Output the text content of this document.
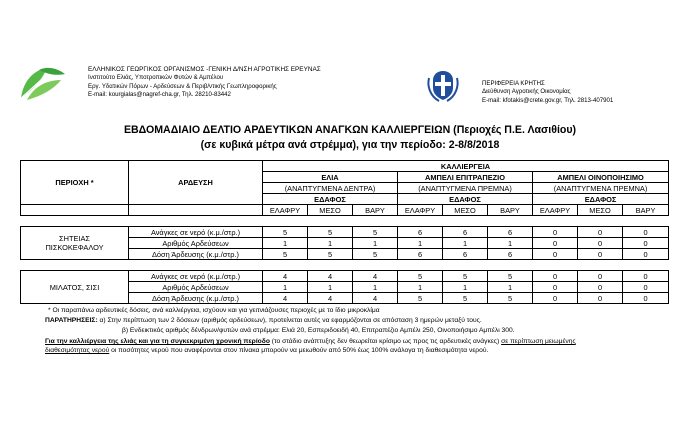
ΕΛΛΗΝΙΚΟΣ ΓΕΩΡΓΙΚΟΣ ΟΡΓΑΝΙΣΜΟΣ -ΓΕΝΙΚΗ Δ/ΝΣΗ ΑΓΡΟΤΙΚΗΣ ΕΡΕΥΝΑΣ
Ινστιτούτο Ελιάς, Υποτροπικών Φυτών & Αμπέλου
Εργ. Υδατικών Πόρων - Αρδεύσεων & Περιβ/ντικής Γεωπληροφορικής
E-mail: kourgialas@nagref-cha.gr, Τηλ. 28210-83442
ΠΕΡΙΦΕΡΕΙΑ ΚΡΗΤΗΣ
Διεύθυνση Αγροτικής Οικονομίας
E-mail: kfotakis@crete.gov.gr, Τηλ. 2813-407901
ΕΒΔΟΜΑΔΙΑΙΟ ΔΕΛΤΙΟ ΑΡΔΕΥΤΙΚΩΝ ΑΝΑΓΚΩΝ ΚΑΛΛΙΕΡΓΕΙΩΝ (Περιοχές Π.Ε. Λασιθίου)
(σε κυβικά μέτρα ανά στρέμμα), για την περίοδο: 2-8/8/2018
ΠΕΡΙΟΧΗ *	ΑΡΔΕΥΣΗ	ΚΑΛΛΙΕΡΓΕΙΑ								
		ΕΛΙΑ			ΑΜΠΕΛΙ ΕΠΙΤΡΑΠΕΖΙΟ			ΑΜΠΕΛΙ ΟΙΝΟΠΟΙΗΣΙΜΟ		
		(ΑΝΑΠΤΥΓΜΕΝΑ ΔΕΝΤΡΑ)			(ΑΝΑΠΤΥΓΜΕΝΑ ΠΡΕΜΝΑ)			(ΑΝΑΠΤΥΓΜΕΝΑ ΠΡΕΜΝΑ)		
		ΕΔΑΦΟΣ			ΕΔΑΦΟΣ			ΕΔΑΦΟΣ		
		ΕΛΑΦΡΥ	ΜΕΣΟ	ΒΑΡΥ	ΕΛΑΦΡΥ	ΜΕΣΟ	ΒΑΡΥ	ΕΛΑΦΡΥ	ΜΕΣΟ	ΒΑΡΥ

ΣΗΤΕΙΑΣ
ΠΙΣΚΟΚΕΦΑΛΟΥ	Ανάγκες σε νερό (κ.μ./στρ.)	5	5	5	6	6	6	0	0	0
	Αριθμός Αρδεύσεων	1	1	1	1	1	1	0	0	0
	Δόση Άρδευσης (κ.μ./στρ.)	5	5	5	6	6	6	0	0	0

ΜΙΛΑΤΟΣ, ΣΙΣΙ	Ανάγκες σε νερό (κ.μ./στρ.)	4	4	4	5	5	5	0	0	0
	Αριθμός Αρδεύσεων	1	1	1	1	1	1	0	0	0
	Δόση Άρδευσης (κ.μ./στρ.)	4	4	4	5	5	5	0	0	0
* Οι παραπάνω αρδευτικές δόσεις, ανά καλλιέργεια, ισχύουν και για γειτνιάζουσες περιοχές με το ίδιο μικροκλίμα
ΠΑΡΑΤΗΡΗΣΕΙΣ: α) Στην περίπτωση των 2 δόσεων (αριθμός αρδεύσεων), προτείνεται αυτές να εφαρμόζονται σε απόσταση 3 ημερών μεταξύ τους.
β) Ενδεικτικός αριθμός δένδρων/φυτών ανά στρέμμα: Ελιά 20, Εσπεριδοειδή 40, Επιτραπέζιο Αμπέλι 250, Οινοποιήσιμο Αμπέλι 300.
Για την καλλιέργεια της ελιάς και για τη συγκεκριμένη χρονική περίοδο (το στάδιο ανάπτυξης δεν θεωρείται κρίσιμο ως προς τις αρδευτικές ανάγκες) σε περίπτωση μειωμένης
διαθεσιμότητας νερού οι ποσότητες νερού που αναφέρονται στον πίνακα μπορούν να μειωθούν από 50% έως 100% ανάλογα τη διαθεσιμότητα νερού.
